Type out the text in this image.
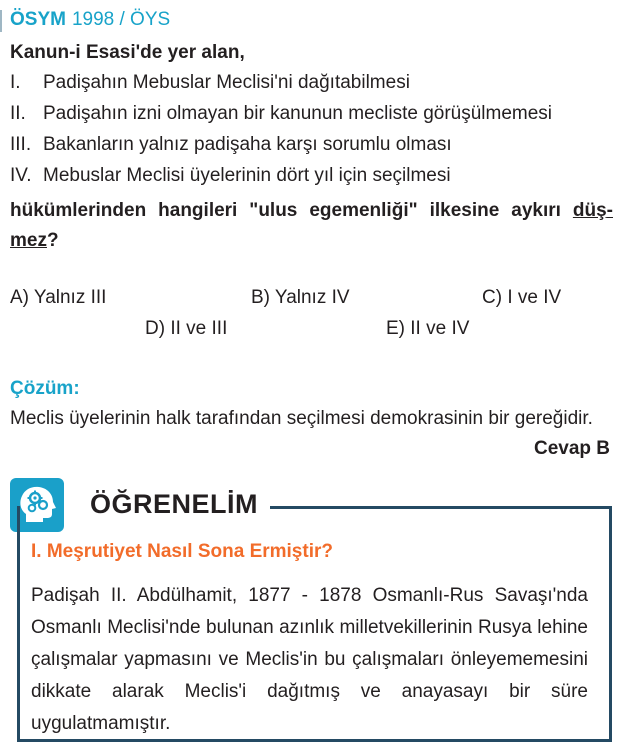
ÖSYM 1998 / ÖYS
Kanun-i Esasi'de yer alan,
I. Padişahın Mebuslar Meclisi'ni dağıtabilmesi
II. Padişahın izni olmayan bir kanunun mecliste görüşülmemesi
III. Bakanların yalnız padişaha karşı sorumlu olması
IV. Mebuslar Meclisi üyelerinin dört yıl için seçilmesi
hükümlerinden hangileri "ulus egemenliği" ilkesine aykırı düşmez?
A) Yalnız III	B) Yalnız IV	C) I ve IV
D) II ve III	E) II ve IV
Çözüm:
Meclis üyelerinin halk tarafından seçilmesi demokrasinin bir gereğidir.
Cevap B
ÖĞRENELİM
I. Meşrutiyet Nasıl Sona Ermiştir?
Padişah II. Abdülhamit, 1877 - 1878 Osmanlı-Rus Savaşı'nda Osmanlı Meclisi'nde bulunan azınlık milletvekillerinin Rusya lehine çalışmalar yapmasını ve Meclis'in bu çalışmaları önleyememesini dikkate alarak Meclis'i dağıtmış ve anayasayı bir süre uygulatmamıştır.
